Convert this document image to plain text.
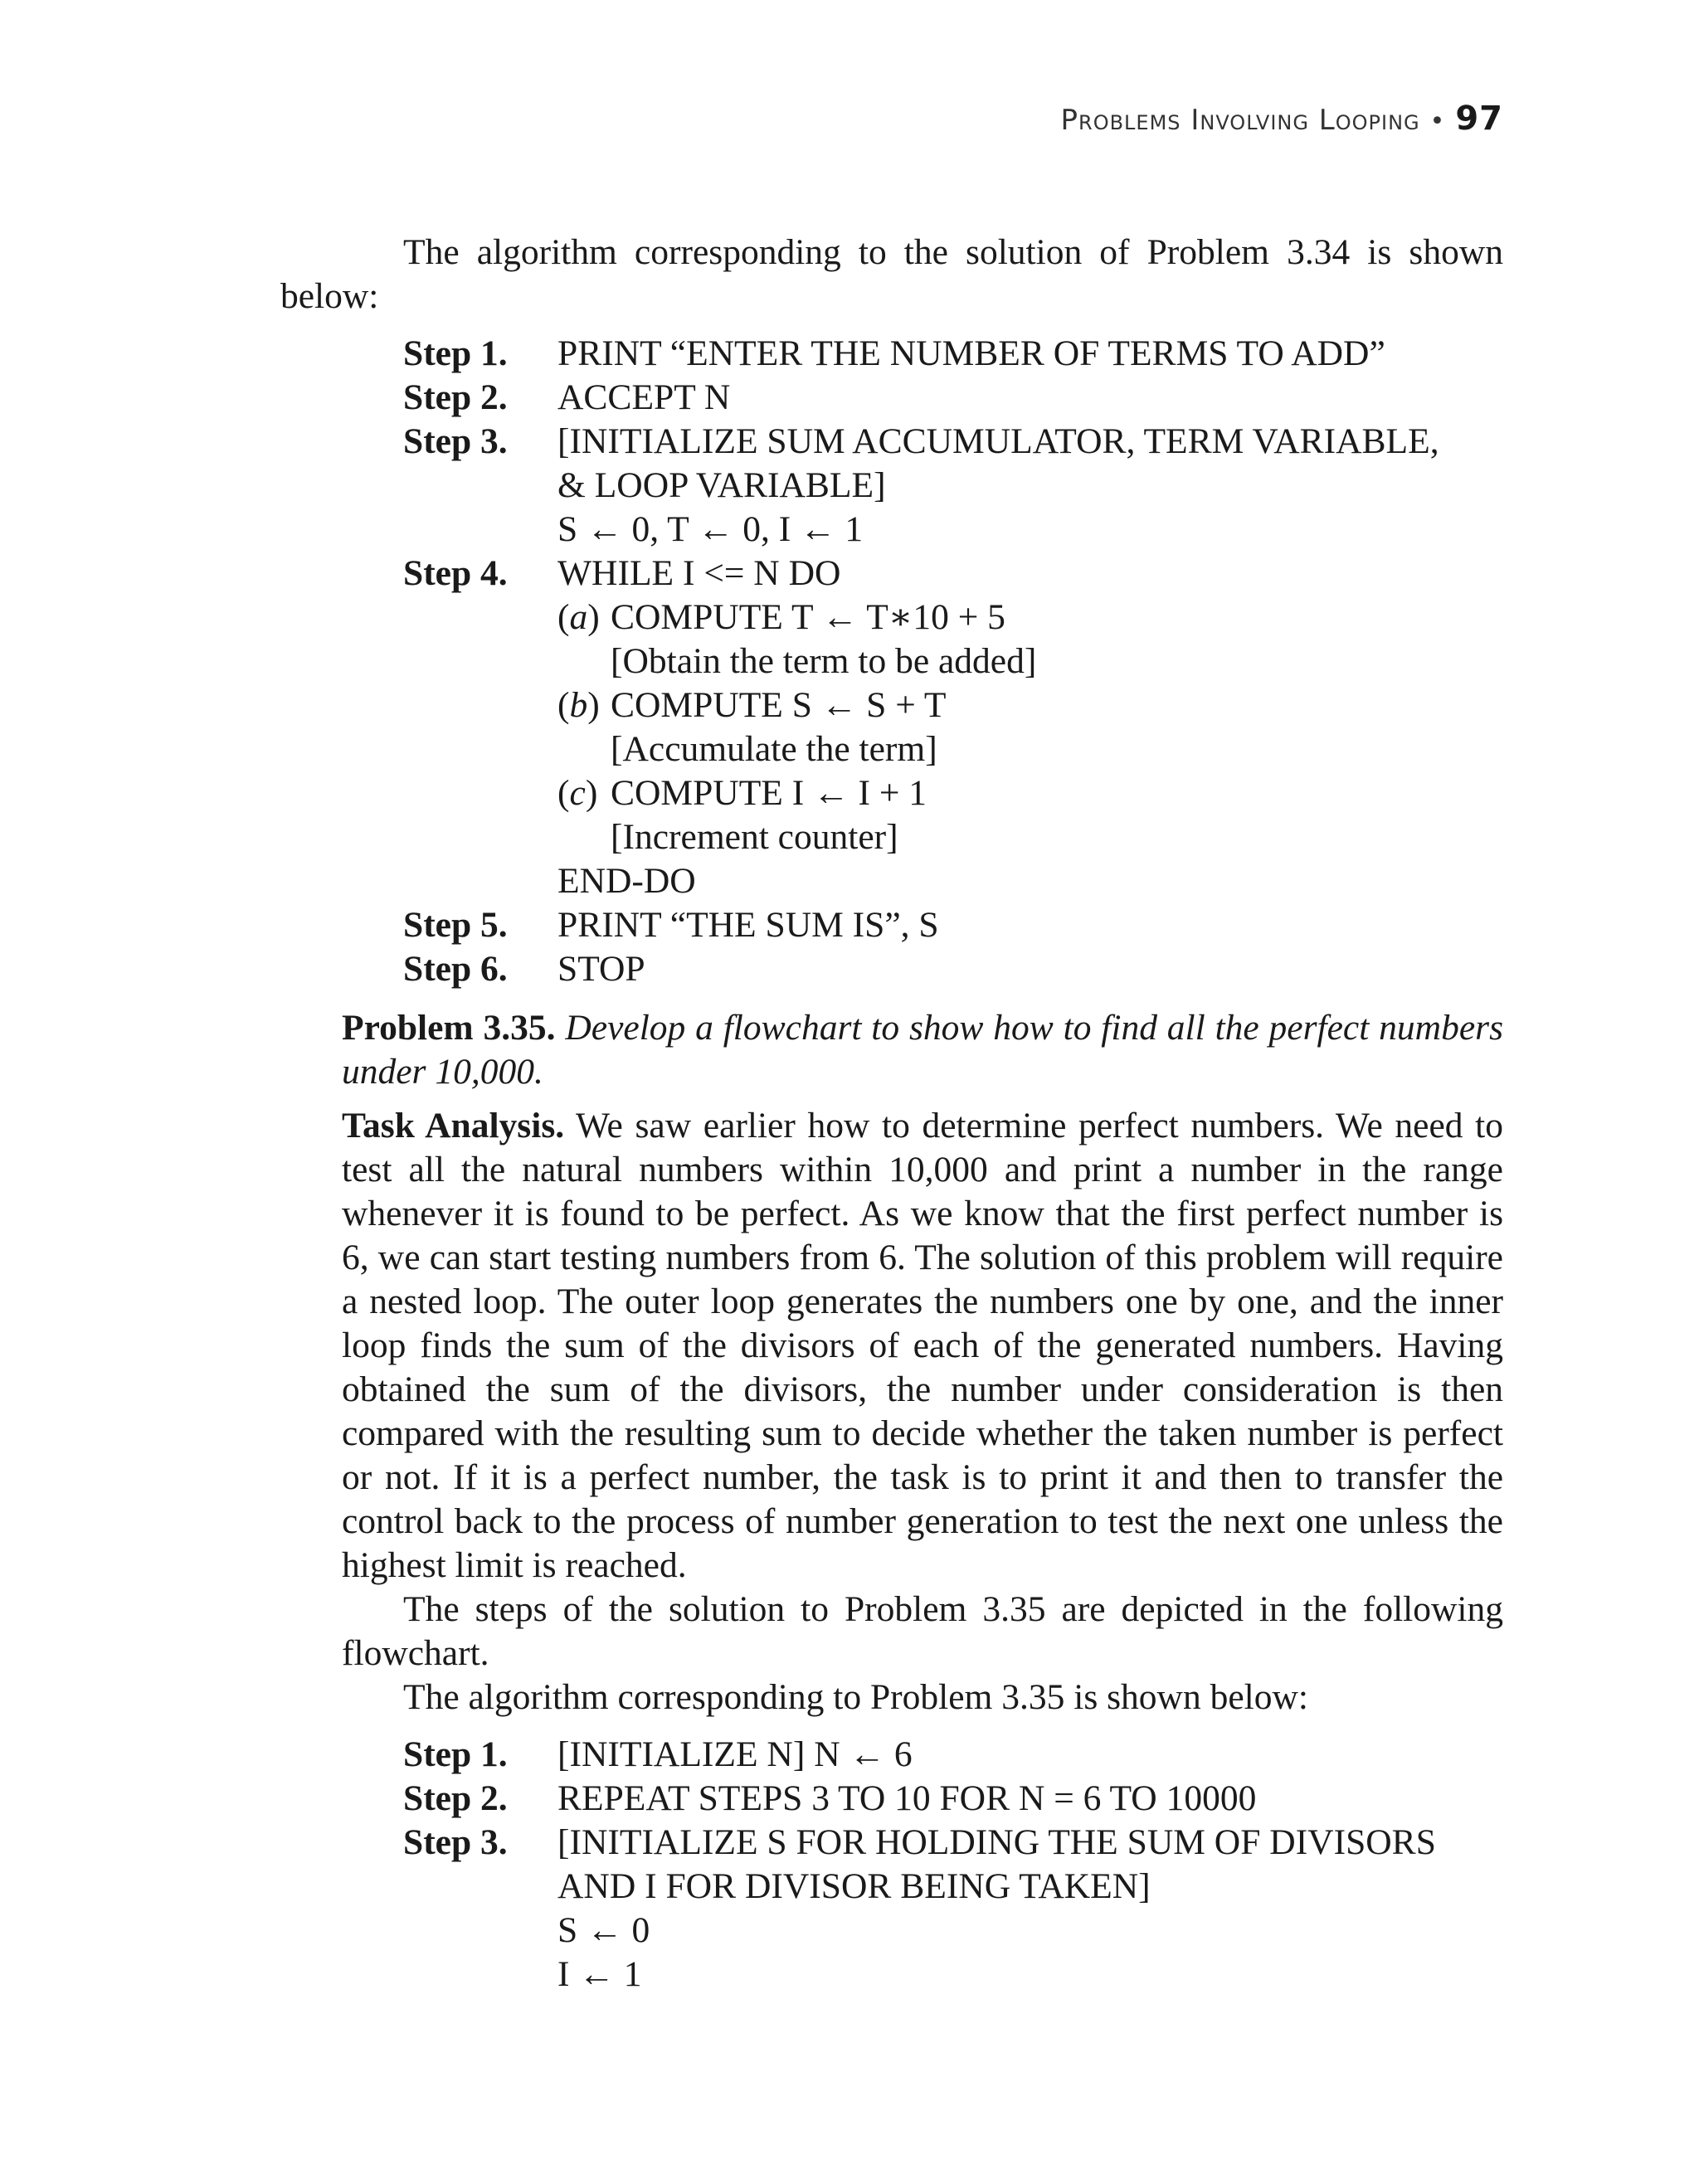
Problems Involving Looping • 97

The algorithm corresponding to the solution of Problem 3.34 is shown
below:

Step 1.	PRINT “ENTER THE NUMBER OF TERMS TO ADD”
Step 2.	ACCEPT N
Step 3.	[INITIALIZE SUM ACCUMULATOR, TERM VARIABLE,
& LOOP VARIABLE]
S ← 0, T ← 0, I ← 1
Step 4.	WHILE I <= N DO
(a) COMPUTE T ← T∗10 + 5
[Obtain the term to be added]
(b) COMPUTE S ← S + T
[Accumulate the term]
(c) COMPUTE I ← I + 1
[Increment counter]
END-DO
Step 5.	PRINT “THE SUM IS”, S
Step 6.	STOP

Problem 3.35. Develop a flowchart to show how to find all the perfect numbers under 10,000.

Task Analysis. We saw earlier how to determine perfect numbers. We need to test all the natural numbers within 10,000 and print a number in the range whenever it is found to be perfect. As we know that the first perfect number is 6, we can start testing numbers from 6. The solution of this problem will require a nested loop. The outer loop generates the numbers one by one, and the inner loop finds the sum of the divisors of each of the generated numbers. Having obtained the sum of the divisors, the number under consideration is then compared with the resulting sum to decide whether the taken number is perfect or not. If it is a perfect number, the task is to print it and then to transfer the control back to the process of number generation to test the next one unless the highest limit is reached.

The steps of the solution to Problem 3.35 are depicted in the following flowchart.

The algorithm corresponding to Problem 3.35 is shown below:

Step 1.	[INITIALIZE N] N ← 6
Step 2.	REPEAT STEPS 3 TO 10 FOR N = 6 TO 10000
Step 3.	[INITIALIZE S FOR HOLDING THE SUM OF DIVISORS
AND I FOR DIVISOR BEING TAKEN]
S ← 0
I ← 1
